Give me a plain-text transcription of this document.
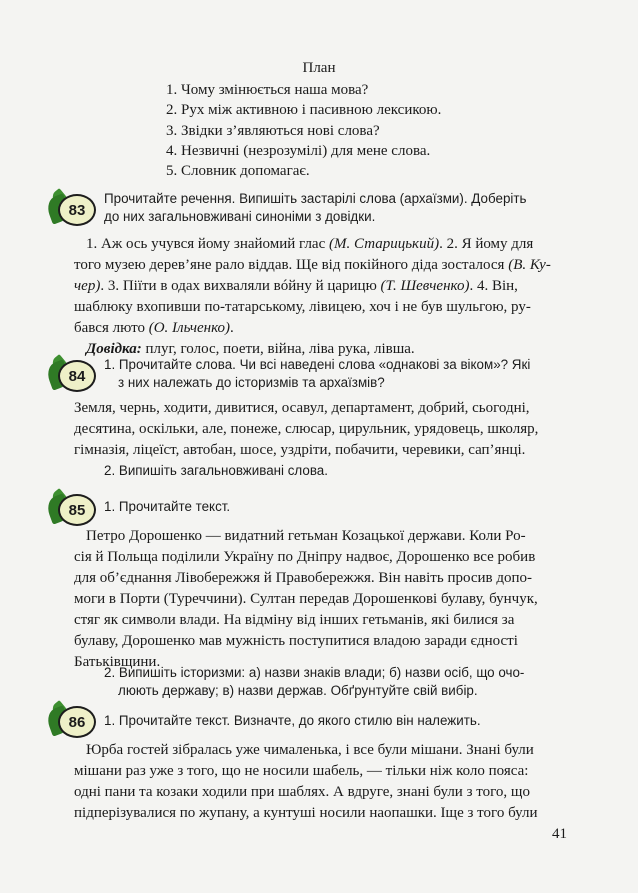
План
1. Чому змінюється наша мова?
2. Рух між активною і пасивною лексикою.
3. Звідки з’являються нові слова?
4. Незвичні (незрозумілі) для мене слова.
5. Словник допомагає.
83
Прочитайте речення. Випишіть застарілі слова (архаїзми). Доберіть
до них загальновживані синоніми з довідки.
1. Аж ось учувся йому знайомий глас (М. Старицький). 2. Я йому для
того музею дерев’яне рало віддав. Ще від покійного діда зосталося (В. Ку-
чер). 3. Піїти в одах вихваляли вóйну й царицю (Т. Шевченко). 4. Він,
шаблюку вхопивши по-татарському, лівицею, хоч і не був шульгою, ру-
бався люто (О. Ільченко).
Довідка: плуг, голос, поети, війна, ліва рука, лівша.
84
1. Прочитайте слова. Чи всі наведені слова «однакові за віком»? Які
з них належать до історизмів та архаїзмів?
Земля, чернь, ходити, дивитися, осавул, департамент, добрий, сьогодні,
десятина, оскільки, але, понеже, слюсар, цирульник, урядовець, школяр,
гімназія, ліцеїст, автобан, шосе, уздріти, побачити, черевики, сап’янці.
2. Випишіть загальновживані слова.
85	1. Прочитайте текст.
Петро Дорошенко — видатний гетьман Козацької держави. Коли Ро-
сія й Польща поділили Україну по Дніпру надвоє, Дорошенко все робив
для об’єднання Лівобережжя й Правобережжя. Він навіть просив допо-
моги в Порти (Туреччини). Султан передав Дорошенкові булаву, бунчук,
стяг як символи влади. На відміну від інших гетьманів, які билися за
булаву, Дорошенко мав мужність поступитися владою заради єдності
Батьківщини.
2. Випишіть історизми: а) назви знаків влади; б) назви осіб, що очо-
люють державу; в) назви держав. Обґрунтуйте свій вибір.
86	1. Прочитайте текст. Визначте, до якого стилю він належить.
Юрба гостей зібралась уже чималенька, і все були мішани. Знані були
мішани раз уже з того, що не носили шабель, — тільки ніж коло пояса:
одні пани та козаки ходили при шаблях. А вдруге, знані були з того, що
підперізувалися по жупану, а кунтуші носили наопашки. Іще з того були
41
